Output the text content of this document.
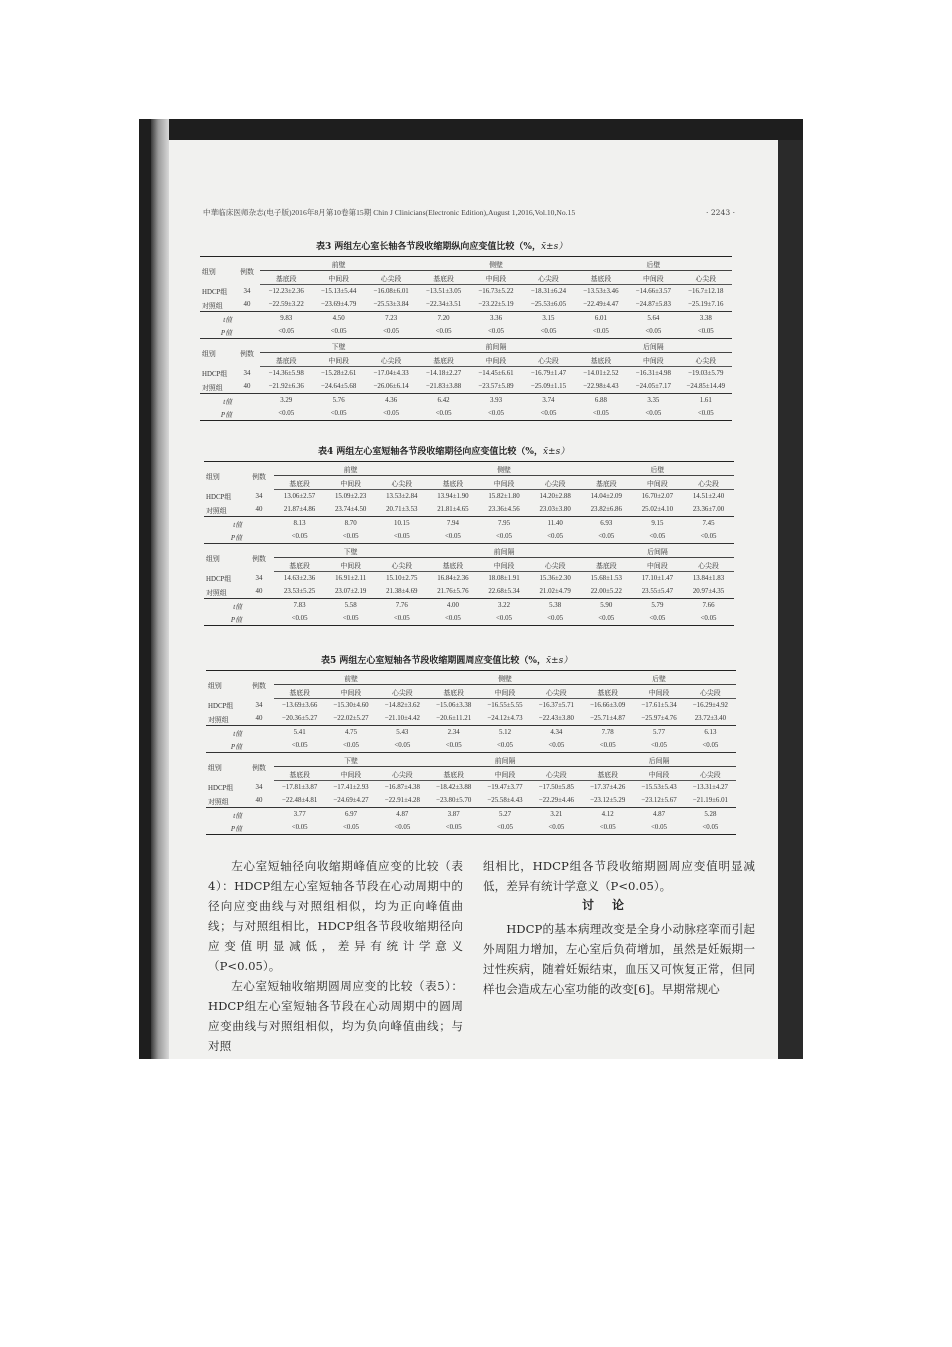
中華临床医师杂志(电子版)2016年8月第10卷第15期 Chin J Clinicians(Electronic Edition),August 1,2016,Vol.10,No.15	· 2243 ·
表3 两组左心室长轴各节段收缩期纵向应变值比较（%，x̄±s）
表4 两组左心室短轴各节段收缩期径向应变值比较（%，x̄±s）
表5 两组左心室短轴各节段收缩期圆周应变值比较（%，x̄±s）
组别	例数	前壁			侧壁			后壁		
		基底段	中间段	心尖段	基底段	中间段	心尖段	基底段	中间段	心尖段
HDCP组	34	−12.23±2.36	−15.13±5.44	−16.08±6.01	−13.51±3.05	−16.73±5.22	−18.31±6.24	−13.53±3.46	−14.66±3.57	−16.7±12.18
对照组	40	−22.59±3.22	−23.69±4.79	−25.53±3.84	−22.34±3.51	−23.22±5.19	−25.53±6.05	−22.49±4.47	−24.87±5.83	−25.19±7.16
t值		9.83	4.50	7.23	7.20	3.36	3.15	6.01	5.64	3.38
P值		<0.05	<0.05	<0.05	<0.05	<0.05	<0.05	<0.05	<0.05	<0.05
组别	例数	下壁			前间隔			后间隔		
		基底段	中间段	心尖段	基底段	中间段	心尖段	基底段	中间段	心尖段
HDCP组	34	−14.36±5.98	−15.28±2.61	−17.04±4.33	−14.18±2.27	−14.45±6.61	−16.79±1.47	−14.01±2.52	−16.31±4.98	−19.03±5.79
对照组	40	−21.92±6.36	−24.64±5.68	−26.06±6.14	−21.83±3.88	−23.57±5.89	−25.09±1.15	−22.98±4.43	−24.05±7.17	−24.85±14.49
t值		3.29	5.76	4.36	6.42	3.93	3.74	6.88	3.35	1.61
P值		<0.05	<0.05	<0.05	<0.05	<0.05	<0.05	<0.05	<0.05	<0.05
组别	例数	前壁			侧壁			后壁		
		基底段	中间段	心尖段	基底段	中间段	心尖段	基底段	中间段	心尖段
HDCP组	34	13.06±2.57	15.09±2.23	13.53±2.84	13.94±1.90	15.82±1.80	14.20±2.88	14.04±2.09	16.70±2.07	14.51±2.40
对照组	40	21.87±4.86	23.74±4.50	20.71±3.53	21.81±4.65	23.36±4.56	23.03±3.80	23.82±6.86	25.02±4.10	23.36±7.00
t值		8.13	8.70	10.15	7.94	7.95	11.40	6.93	9.15	7.45
P值		<0.05	<0.05	<0.05	<0.05	<0.05	<0.05	<0.05	<0.05	<0.05
组别	例数	下壁			前间隔			后间隔		
		基底段	中间段	心尖段	基底段	中间段	心尖段	基底段	中间段	心尖段
HDCP组	34	14.63±2.36	16.91±2.11	15.10±2.75	16.84±2.36	18.08±1.91	15.36±2.30	15.68±1.53	17.10±1.47	13.84±1.83
对照组	40	23.53±5.25	23.07±2.19	21.38±4.69	21.76±5.76	22.68±5.34	21.02±4.79	22.00±5.22	23.55±5.47	20.97±4.35
t值		7.83	5.58	7.76	4.00	3.22	5.38	5.90	5.79	7.66
P值		<0.05	<0.05	<0.05	<0.05	<0.05	<0.05	<0.05	<0.05	<0.05
组别	例数	前壁			侧壁			后壁		
		基底段	中间段	心尖段	基底段	中间段	心尖段	基底段	中间段	心尖段
HDCP组	34	−13.69±3.66	−15.30±4.60	−14.82±3.62	−15.06±3.38	−16.55±5.55	−16.37±5.71	−16.66±3.09	−17.61±5.34	−16.29±4.92
对照组	40	−20.36±5.27	−22.02±5.27	−21.10±4.42	−20.6±11.21	−24.12±4.73	−22.43±3.80	−25.71±4.87	−25.97±4.76	23.72±3.40
t值		5.41	4.75	5.43	2.34	5.12	4.34	7.78	5.77	6.13
P值		<0.05	<0.05	<0.05	<0.05	<0.05	<0.05	<0.05	<0.05	<0.05
组别	例数	下壁			前间隔			后间隔		
		基底段	中间段	心尖段	基底段	中间段	心尖段	基底段	中间段	心尖段
HDCP组	34	−17.81±3.87	−17.41±2.93	−16.87±4.38	−18.42±3.88	−19.47±3.77	−17.50±5.85	−17.37±4.26	−15.53±5.43	−13.31±4.27
对照组	40	−22.48±4.81	−24.69±4.27	−22.91±4.28	−23.80±5.70	−25.58±4.43	−22.29±4.46	−23.12±5.29	−23.12±5.67	−21.19±6.01
t值		3.77	6.97	4.87	3.87	5.27	3.21	4.12	4.87	5.28
P值		<0.05	<0.05	<0.05	<0.05	<0.05	<0.05	<0.05	<0.05	<0.05

左心室短轴径向收缩期峰值应变的比较（表4）：HDCP组左心室短轴各节段在心动周期中的径向应变曲线与对照组相似，均为正向峰值曲线；与对照组相比，HDCP组各节段收缩期径向应变值明显减低，差异有统计学意义（P<0.05）。

左心室短轴收缩期圆周应变的比较（表5）：HDCP组左心室短轴各节段在心动周期中的圆周应变曲线与对照组相似，均为负向峰值曲线；与对照

组相比，HDCP组各节段收缩期圆周应变值明显减低，差异有统计学意义（P<0.05）。

讨论

HDCP的基本病理改变是全身小动脉痉挛而引起外周阻力增加，左心室后负荷增加，虽然是妊娠期一过性疾病，随着妊娠结束，血压又可恢复正常，但同样也会造成左心室功能的改变[6]。早期常规心
